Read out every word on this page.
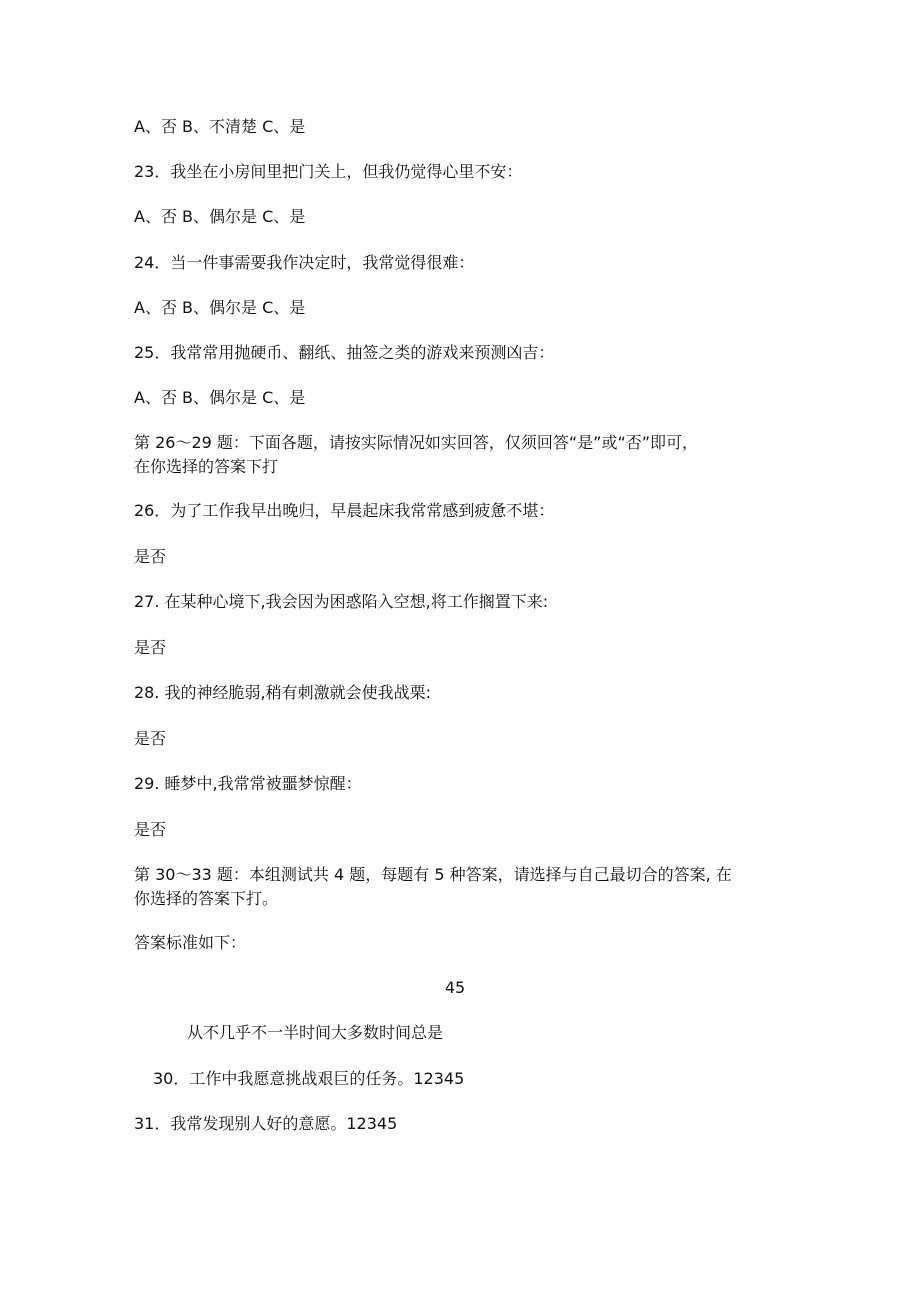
A、否 B、不清楚 C、是
23．我坐在小房间里把门关上，但我仍觉得心里不安：
A、否 B、偶尔是 C、是
24．当一件事需要我作决定时，我常觉得很难：
A、否 B、偶尔是 C、是
25．我常常用抛硬币、翻纸、抽签之类的游戏来预测凶吉：
A、否 B、偶尔是 C、是
第 26〜29 题：下面各题，请按实际情况如实回答，仅须回答“是”或“否”即可，
在你选择的答案下打
26．为了工作我早出晚归，早晨起床我常常感到疲惫不堪：
是否
27. 在某种心境下,我会因为困惑陷入空想,将工作搁置下来:
是否
28. 我的神经脆弱,稍有刺激就会使我战栗:
是否
29. 睡梦中,我常常被噩梦惊醒：
是否
第 30〜33 题：本组测试共 4 题，每题有 5 种答案，请选择与自己最切合的答案, 在
你选择的答案下打。
答案标准如下：
45
从不几乎不一半时间大多数时间总是
30．工作中我愿意挑战艰巨的任务。12345
31．我常发现别人好的意愿。12345
